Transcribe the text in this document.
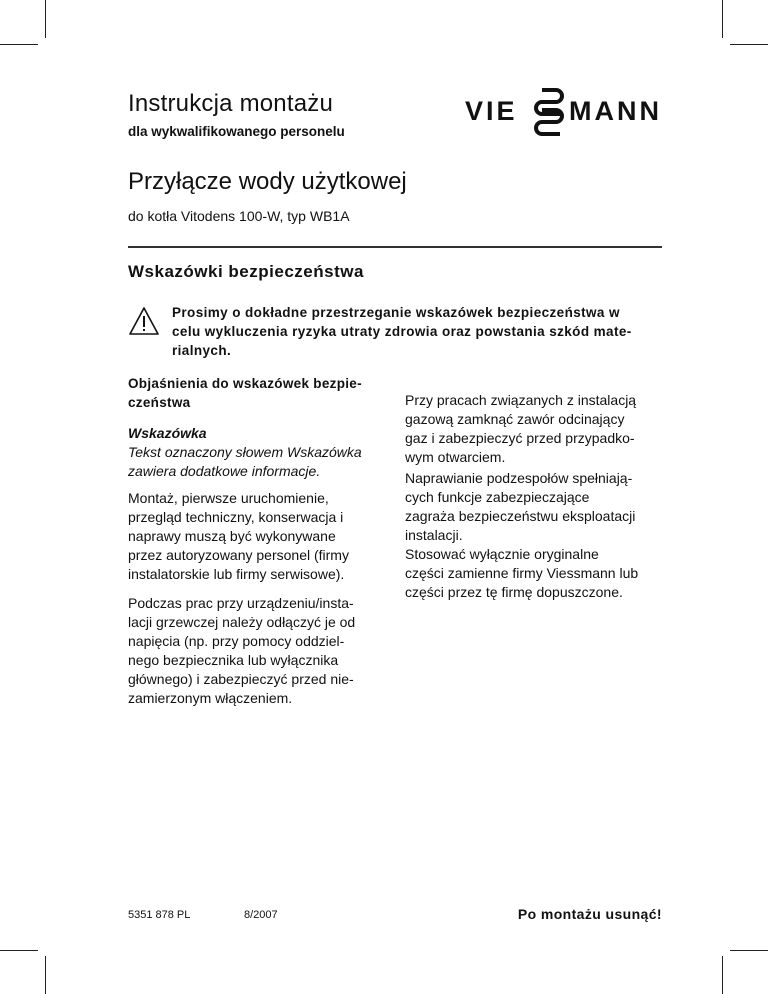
Instrukcja montażu
dla wykwalifikowanego personelu
VIE MANN
Przyłącze wody użytkowej
do kotła Vitodens 100-W, typ WB1A
Wskazówki bezpieczeństwa
Prosimy o dokładne przestrzeganie wskazówek bezpieczeństwa w
celu wykluczenia ryzyka utraty zdrowia oraz powstania szkód mate-
rialnych.
Objaśnienia do wskazówek bezpie-
czeństwa
Wskazówka
Tekst oznaczony słowem Wskazówka
zawiera dodatkowe informacje.
Montaż, pierwsze uruchomienie,
przegląd techniczny, konserwacja i
naprawy muszą być wykonywane
przez autoryzowany personel (firmy
instalatorskie lub firmy serwisowe).
Podczas prac przy urządzeniu/insta-
lacji grzewczej należy odłączyć je od
napięcia (np. przy pomocy oddziel-
nego bezpiecznika lub wyłącznika
głównego) i zabezpieczyć przed nie-
zamierzonym włączeniem.
Przy pracach związanych z instalacją
gazową zamknąć zawór odcinający
gaz i zabezpieczyć przed przypadko-
wym otwarciem.
Naprawianie podzespołów spełniają-
cych funkcje zabezpieczające
zagraża bezpieczeństwu eksploatacji
instalacji.
Stosować wyłącznie oryginalne
części zamienne firmy Viessmann lub
części przez tę firmę dopuszczone.
5351 878 PL	8/2007	Po montażu usunąć!
